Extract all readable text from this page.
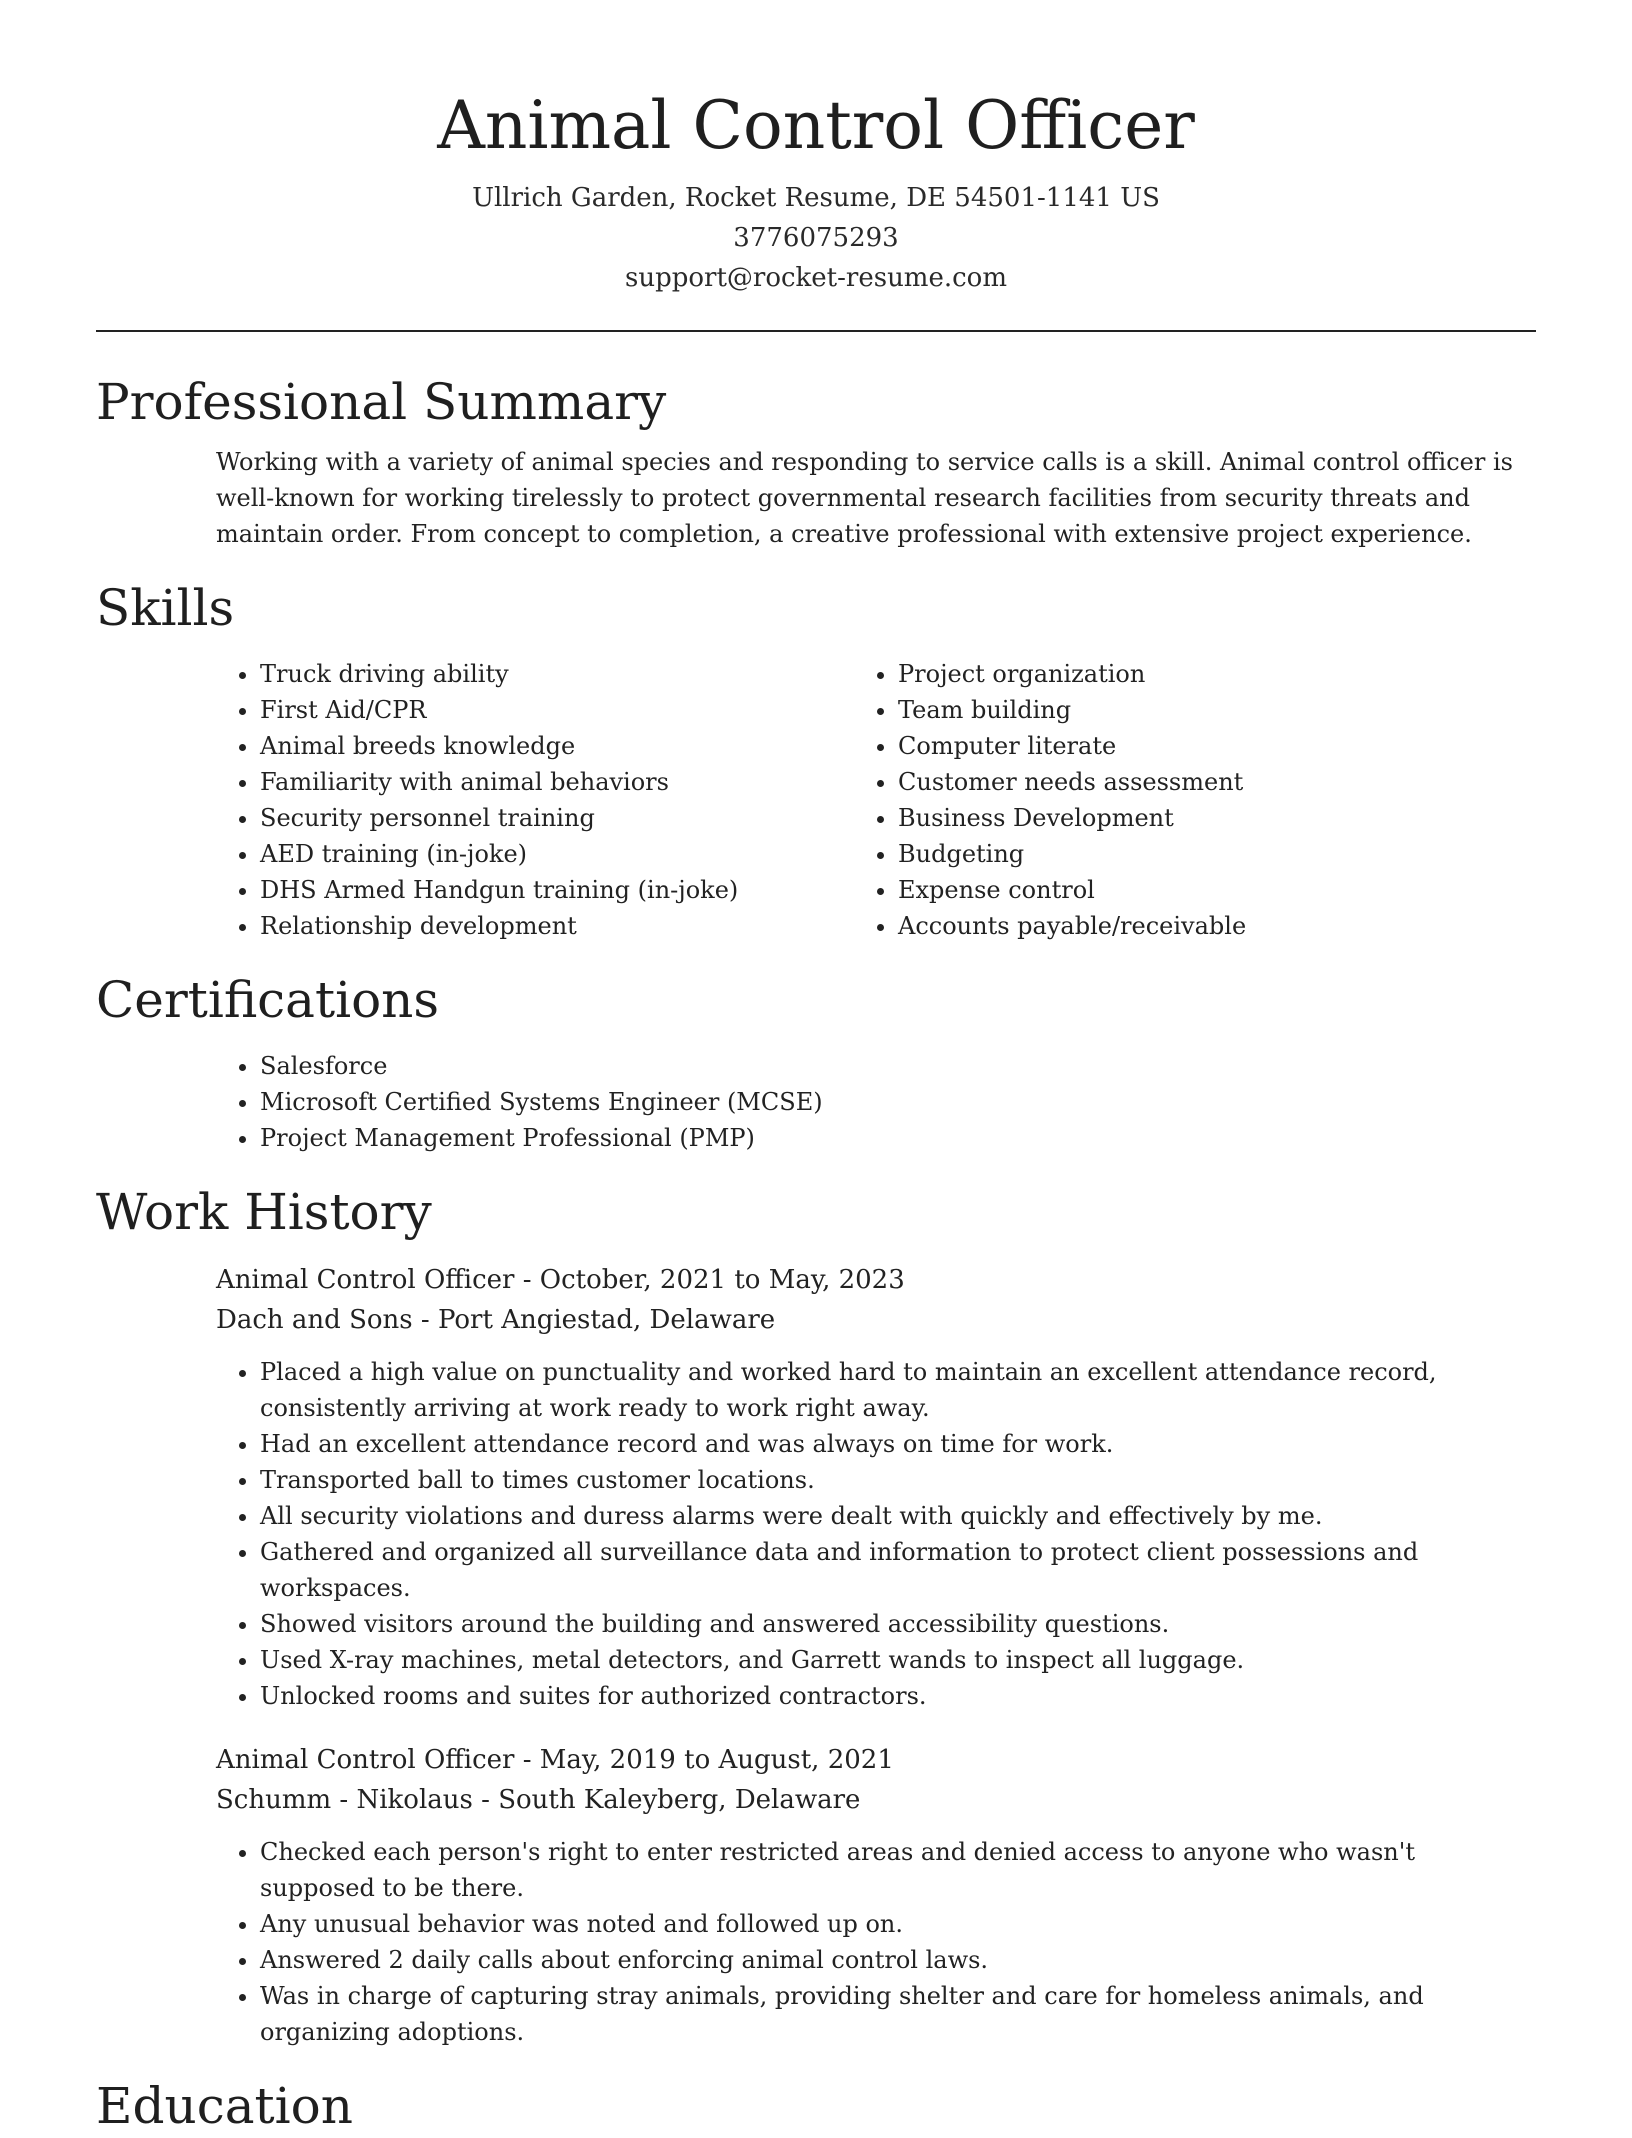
Animal Control Officer
Ullrich Garden, Rocket Resume, DE 54501-1141 US
3776075293
support@rocket-resume.com
Professional Summary

Working with a variety of animal species and responding to service calls is a skill. Animal control officer is well-known for working tirelessly to protect governmental research facilities from security threats and maintain order. From concept to completion, a creative professional with extensive project experience.

Skills
• Truck driving ability
• First Aid/CPR
• Animal breeds knowledge
• Familiarity with animal behaviors
• Security personnel training
• AED training (in-joke)
• DHS Armed Handgun training (in-joke)
• Relationship development
• Project organization
• Team building
• Computer literate
• Customer needs assessment
• Business Development
• Budgeting
• Expense control
• Accounts payable/receivable
Certifications
• Salesforce
• Microsoft Certified Systems Engineer (MCSE)
• Project Management Professional (PMP)
Work History
Animal Control Officer - October, 2021 to May, 2023
Dach and Sons - Port Angiestad, Delaware
• Placed a high value on punctuality and worked hard to maintain an excellent attendance record, consistently arriving at work ready to work right away.
• Had an excellent attendance record and was always on time for work.
• Transported ball to times customer locations.
• All security violations and duress alarms were dealt with quickly and effectively by me.
• Gathered and organized all surveillance data and information to protect client possessions and workspaces.
• Showed visitors around the building and answered accessibility questions.
• Used X-ray machines, metal detectors, and Garrett wands to inspect all luggage.
• Unlocked rooms and suites for authorized contractors.
Animal Control Officer - May, 2019 to August, 2021
Schumm - Nikolaus - South Kaleyberg, Delaware
• Checked each person's right to enter restricted areas and denied access to anyone who wasn't supposed to be there.
• Any unusual behavior was noted and followed up on.
• Answered 2 daily calls about enforcing animal control laws.
• Was in charge of capturing stray animals, providing shelter and care for homeless animals, and organizing adoptions.
Education
